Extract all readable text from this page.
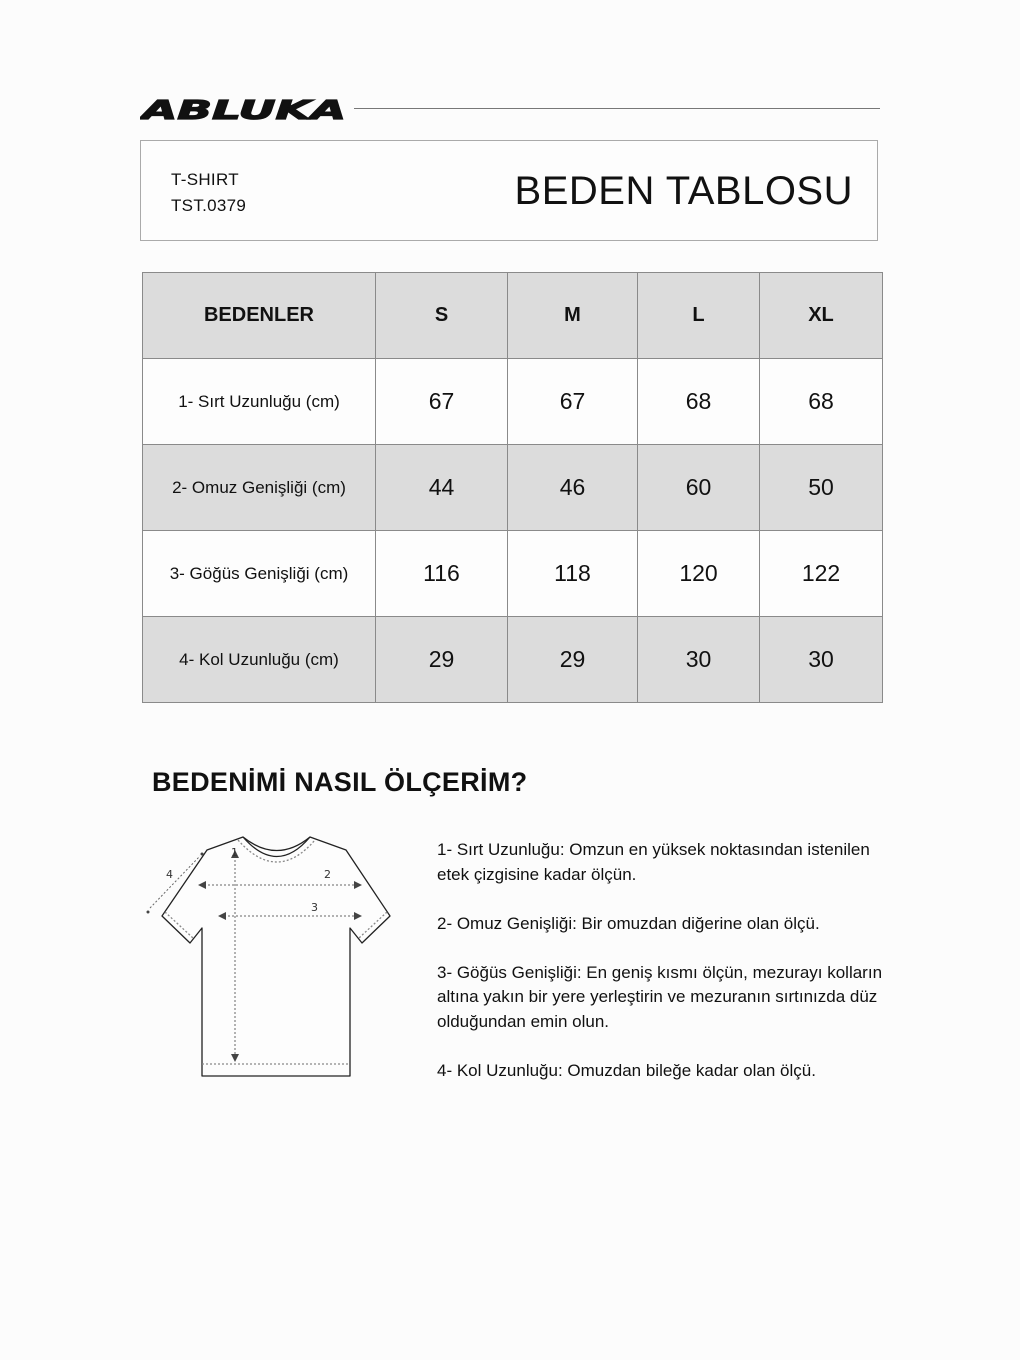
ABLUKA
T-SHIRT
TST.0379	BEDEN TABLOSU
BEDENLER	S	M	L	XL
1- Sırt Uzunluğu (cm)	67	67	68	68
2- Omuz Genişliği (cm)	44	46	60	50
3- Göğüs Genişliği (cm)	116	118	120	122
4- Kol Uzunluğu (cm)	29	29	30	30
BEDENİMİ NASIL ÖLÇERİM?
1
2
3
4

1- Sırt Uzunluğu: Omzun en yüksek noktasından istenilen etek çizgisine kadar ölçün.

2- Omuz Genişliği: Bir omuzdan diğerine olan ölçü.

3- Göğüs Genişliği: En geniş kısmı ölçün, mezurayı kolların altına yakın bir yere yerleştirin ve mezuranın sırtınızda düz olduğundan emin olun.

4- Kol Uzunluğu: Omuzdan bileğe kadar olan ölçü.
